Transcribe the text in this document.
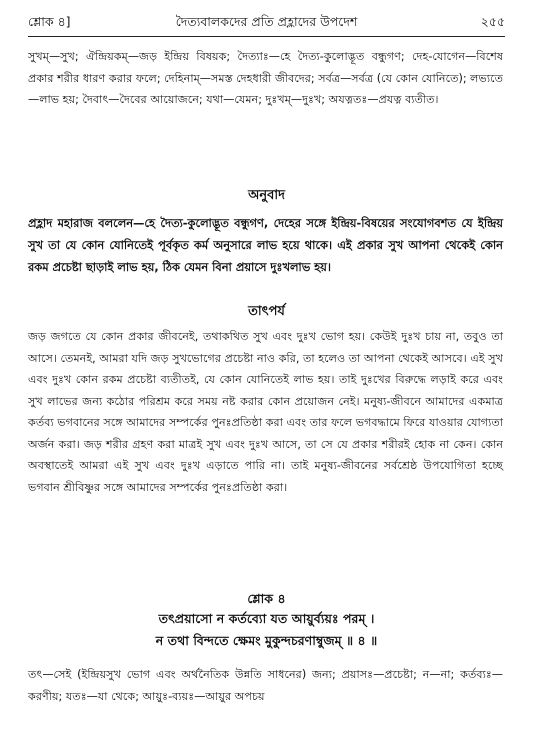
শ্লোক ৪]	দৈত্যবালকদের প্রতি প্রহ্লাদের উপদেশ	২৫৫

সুখম্—সুখ; ঐন্দ্রিয়কম্—জড় ইন্দ্রিয় বিষয়ক; দৈত্যাঃ—হে দৈত্য-কুলোদ্ভূত বন্ধুগণ; দেহ-যোগেন—বিশেষ প্রকার শরীর ধারণ করার ফলে; দেহিনাম্—সমস্ত দেহধারী জীবদের; সর্বত্র—সর্বত্র (যে কোন যোনিতে); লভ্যতে—লাভ হয়; দৈবাৎ—দৈবের আয়োজনে; যথা—যেমন; দুঃখম্—দুঃখ; অযত্নতঃ—প্রযত্ন ব্যতীত।

অনুবাদ

প্রহ্লাদ মহারাজ বললেন—হে দৈত্য-কুলোদ্ভূত বন্ধুগণ, দেহের সঙ্গে ইন্দ্রিয়-বিষয়ের সংযোগবশত যে ইন্দ্রিয় সুখ তা যে কোন যোনিতেই পূর্বকৃত কর্ম অনুসারে লাভ হয়ে থাকে। এই প্রকার সুখ আপনা থেকেই কোন রকম প্রচেষ্টা ছাড়াই লাভ হয়, ঠিক যেমন বিনা প্রয়াসে দুঃখলাভ হয়।

তাৎপর্য

জড় জগতে যে কোন প্রকার জীবনেই, তথাকথিত সুখ এবং দুঃখ ভোগ হয়। কেউই দুঃখ চায় না, তবুও তা আসে। তেমনই, আমরা যদি জড় সুখভোগের প্রচেষ্টা নাও করি, তা হলেও তা আপনা থেকেই আসবে। এই সুখ এবং দুঃখ কোন রকম প্রচেষ্টা ব্যতীতই, যে কোন যোনিতেই লাভ হয়। তাই দুঃখের বিরুদ্ধে লড়াই করে এবং সুখ লাভের জন্য কঠোর পরিশ্রম করে সময় নষ্ট করার কোন প্রয়োজন নেই। মনুষ্য-জীবনে আমাদের একমাত্র কর্তব্য ভগবানের সঙ্গে আমাদের সম্পর্কের পুনঃপ্রতিষ্ঠা করা এবং তার ফলে ভগবদ্ধামে ফিরে যাওয়ার যোগ্যতা অর্জন করা। জড় শরীর গ্রহণ করা মাত্রই সুখ এবং দুঃখ আসে, তা সে যে প্রকার শরীরই হোক না কেন। কোন অবস্থাতেই আমরা এই সুখ এবং দুঃখ এড়াতে পারি না। তাই মনুষ্য-জীবনের সর্বশ্রেষ্ঠ উপযোগিতা হচ্ছে ভগবান শ্রীবিষ্ণুর সঙ্গে আমাদের সম্পর্কের পুনঃপ্রতিষ্ঠা করা।

শ্লোক ৪
তৎপ্রয়াসো ন কর্তব্যো যত আয়ুর্ব্যয়ঃ পরম্ ।
ন তথা বিন্দতে ক্ষেমং মুকুন্দচরণাম্বুজম্ ॥ ৪ ॥

তৎ—সেই (ইন্দ্রিয়সুখ ভোগ এবং অর্থনৈতিক উন্নতি সাধনের) জন্য; প্রয়াসঃ—প্রচেষ্টা; ন—না; কর্তব্যঃ—করণীয়; যতঃ—যা থেকে; আয়ুঃ-ব্যয়ঃ—আয়ুর অপচয়
